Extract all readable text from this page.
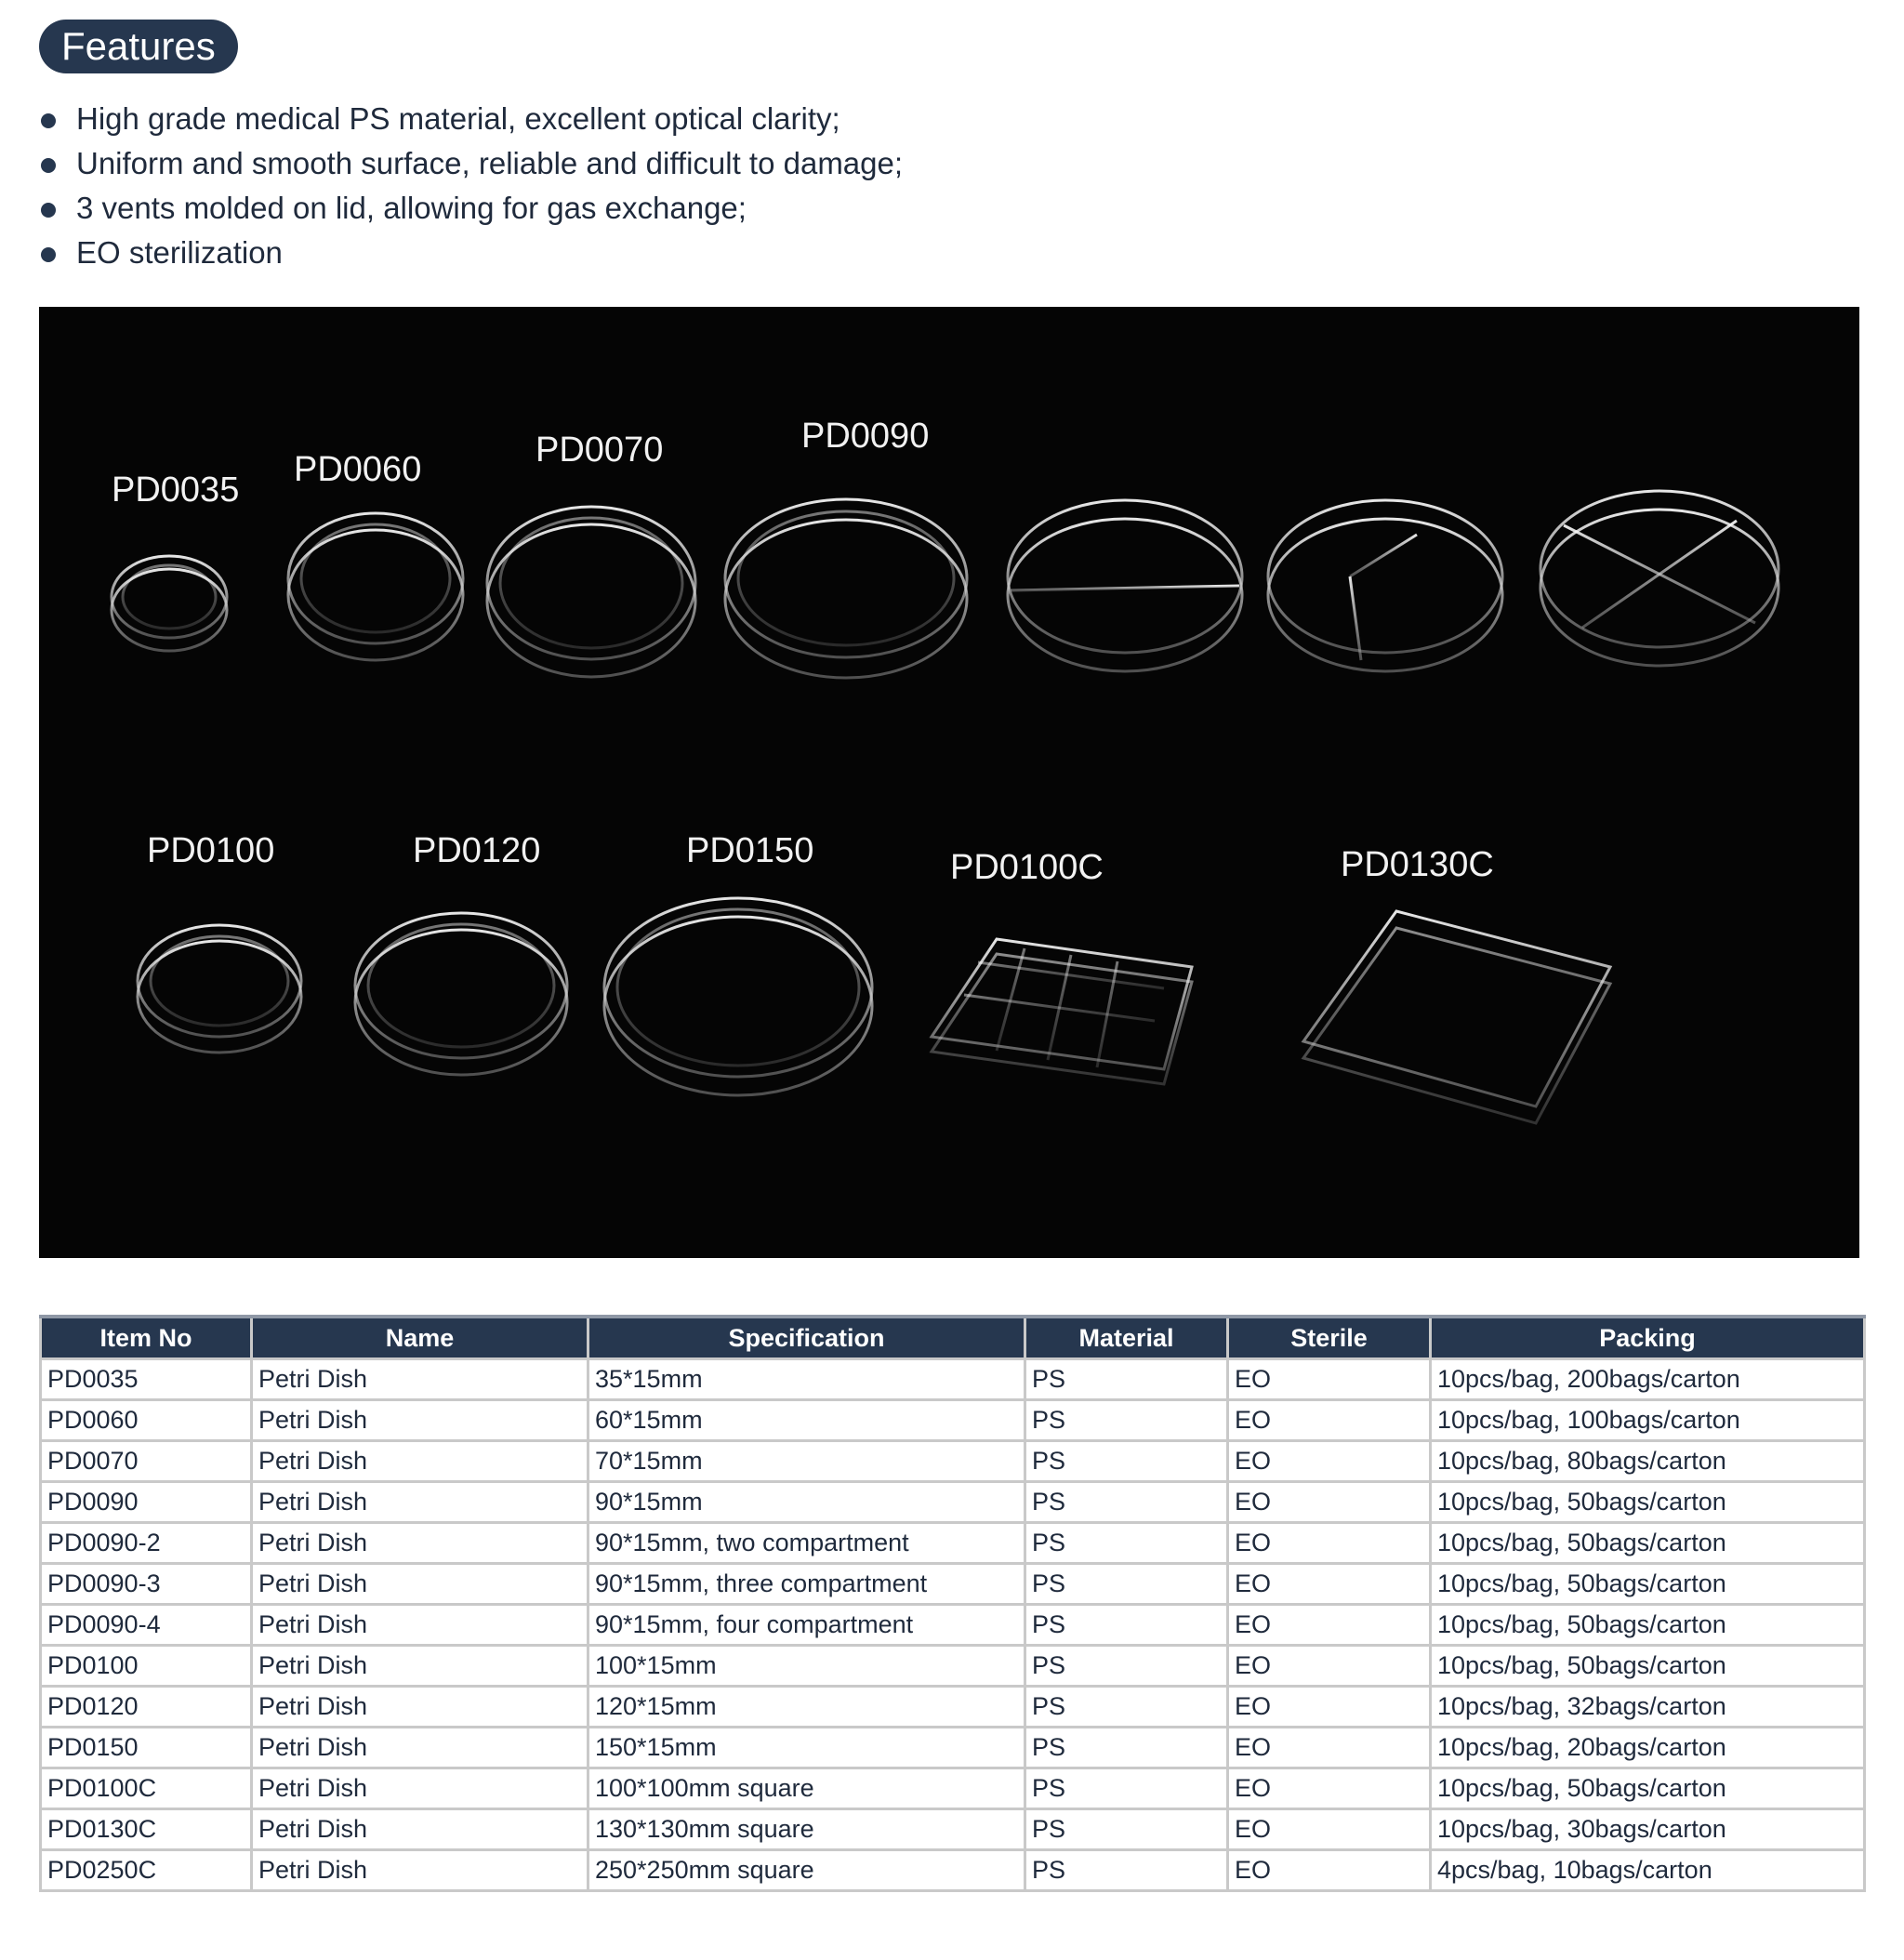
Features
High grade medical PS material, excellent optical clarity;
Uniform and smooth surface, reliable and difficult to damage;
3 vents molded on lid, allowing for gas exchange;
EO sterilization
PD0035
PD0060	PD0070	PD0090
PD0100	PD0120	PD0150	PD0100C	PD0130C
Item No	Name	Specification	Material	Sterile	Packing
PD0035	Petri Dish	35*15mm	PS	EO	10pcs/bag, 200bags/carton
PD0060	Petri Dish	60*15mm	PS	EO	10pcs/bag, 100bags/carton
PD0070	Petri Dish	70*15mm	PS	EO	10pcs/bag, 80bags/carton
PD0090	Petri Dish	90*15mm	PS	EO	10pcs/bag, 50bags/carton
PD0090-2	Petri Dish	90*15mm, two compartment	PS	EO	10pcs/bag, 50bags/carton
PD0090-3	Petri Dish	90*15mm, three compartment	PS	EO	10pcs/bag, 50bags/carton
PD0090-4	Petri Dish	90*15mm, four compartment	PS	EO	10pcs/bag, 50bags/carton
PD0100	Petri Dish	100*15mm	PS	EO	10pcs/bag, 50bags/carton
PD0120	Petri Dish	120*15mm	PS	EO	10pcs/bag, 32bags/carton
PD0150	Petri Dish	150*15mm	PS	EO	10pcs/bag, 20bags/carton
PD0100C	Petri Dish	100*100mm square	PS	EO	10pcs/bag, 50bags/carton
PD0130C	Petri Dish	130*130mm square	PS	EO	10pcs/bag, 30bags/carton
PD0250C	Petri Dish	250*250mm square	PS	EO	4pcs/bag, 10bags/carton
